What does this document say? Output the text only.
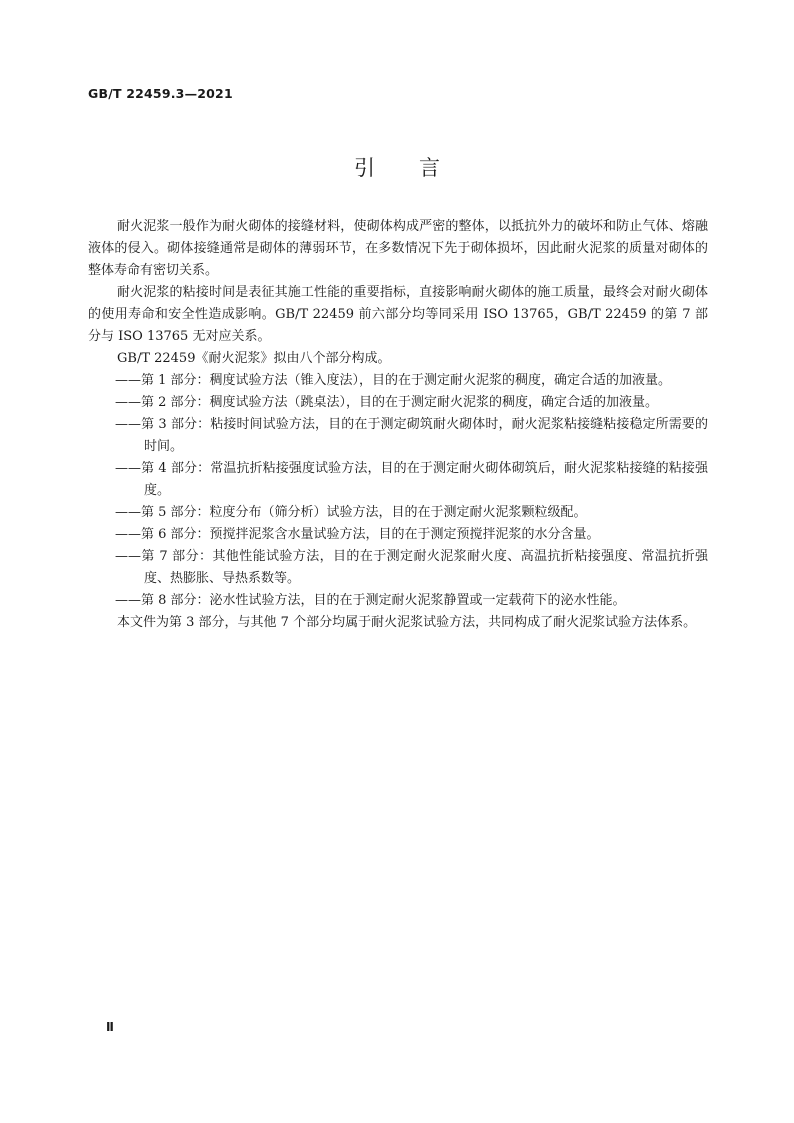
GB/T 22459.3—2021
引言

耐火泥浆一般作为耐火砌体的接缝材料，使砌体构成严密的整体，以抵抗外力的破坏和防止气体、熔融液体的侵入。砌体接缝通常是砌体的薄弱环节，在多数情况下先于砌体损坏，因此耐火泥浆的质量对砌体的整体寿命有密切关系。

耐火泥浆的粘接时间是表征其施工性能的重要指标，直接影响耐火砌体的施工质量，最终会对耐火砌体的使用寿命和安全性造成影响。GB/T 22459 前六部分均等同采用 ISO 13765，GB/T 22459 的第 7 部分与 ISO 13765 无对应关系。

GB/T 22459《耐火泥浆》拟由八个部分构成。

——第 1 部分：稠度试验方法（锥入度法），目的在于测定耐火泥浆的稠度，确定合适的加液量。
——第 2 部分：稠度试验方法（跳桌法），目的在于测定耐火泥浆的稠度，确定合适的加液量。
——第 3 部分：粘接时间试验方法，目的在于测定砌筑耐火砌体时，耐火泥浆粘接缝粘接稳定所需要的时间。
——第 4 部分：常温抗折粘接强度试验方法，目的在于测定耐火砌体砌筑后，耐火泥浆粘接缝的粘接强度。
——第 5 部分：粒度分布（筛分析）试验方法，目的在于测定耐火泥浆颗粒级配。
——第 6 部分：预搅拌泥浆含水量试验方法，目的在于测定预搅拌泥浆的水分含量。
——第 7 部分：其他性能试验方法，目的在于测定耐火泥浆耐火度、高温抗折粘接强度、常温抗折强度、热膨胀、导热系数等。
——第 8 部分：泌水性试验方法，目的在于测定耐火泥浆静置或一定载荷下的泌水性能。

本文件为第 3 部分，与其他 7 个部分均属于耐火泥浆试验方法，共同构成了耐火泥浆试验方法体系。

Ⅱ
